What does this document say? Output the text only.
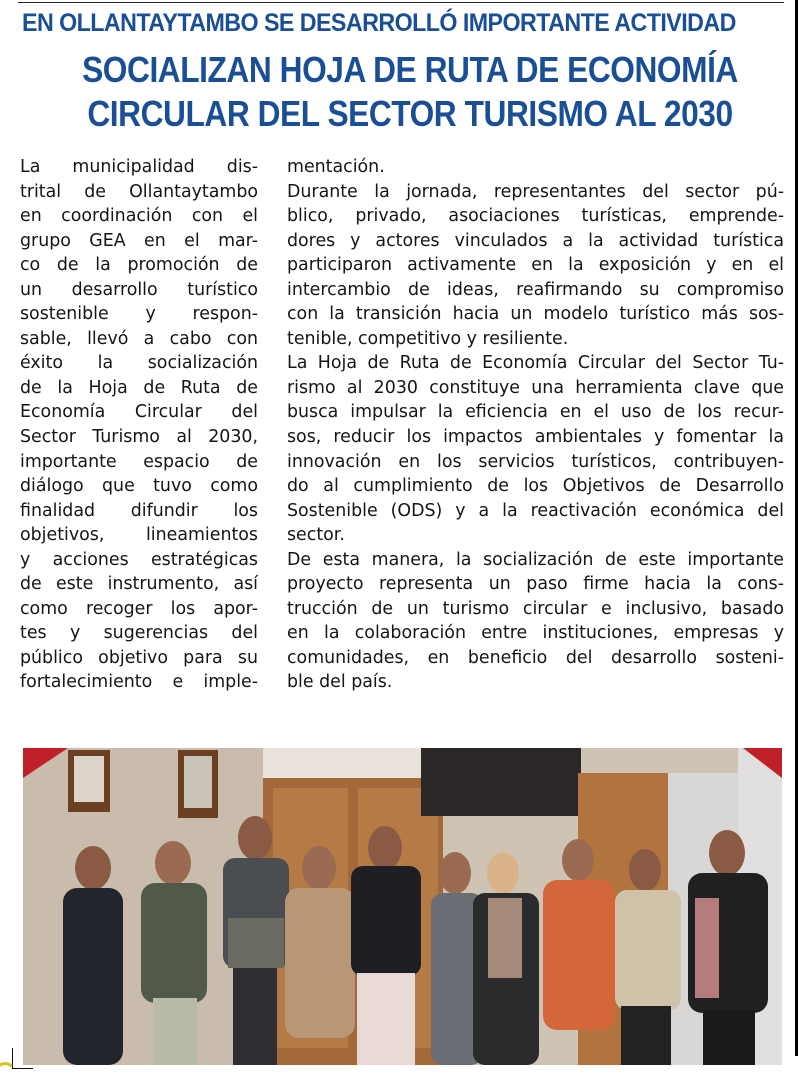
EN OLLANTAYTAMBO SE DESARROLLÓ IMPORTANTE ACTIVIDAD
SOCIALIZAN HOJA DE RUTA DE ECONOMÍA
CIRCULAR DEL SECTOR TURISMO AL 2030
La municipalidad dis-
trital de Ollantaytambo
en coordinación con el
grupo GEA en el mar-
co de la promoción de
un desarrollo turístico
sostenible y respon-
sable, llevó a cabo con
éxito la socialización
de la Hoja de Ruta de
Economía Circular del
Sector Turismo al 2030,
importante espacio de
diálogo que tuvo como
finalidad difundir los
objetivos, lineamientos
y acciones estratégicas
de este instrumento, así
como recoger los apor-
tes y sugerencias del
público objetivo para su
fortalecimiento e imple-
mentación.
Durante la jornada, representantes del sector pú-
blico, privado, asociaciones turísticas, emprende-
dores y actores vinculados a la actividad turística
participaron activamente en la exposición y en el
intercambio de ideas, reafirmando su compromiso
con la transición hacia un modelo turístico más sos-
tenible, competitivo y resiliente.
La Hoja de Ruta de Economía Circular del Sector Tu-
rismo al 2030 constituye una herramienta clave que
busca impulsar la eficiencia en el uso de los recur-
sos, reducir los impactos ambientales y fomentar la
innovación en los servicios turísticos, contribuyen-
do al cumplimiento de los Objetivos de Desarrollo
Sostenible (ODS) y a la reactivación económica del
sector.
De esta manera, la socialización de este importante
proyecto representa un paso firme hacia la cons-
trucción de un turismo circular e inclusivo, basado
en la colaboración entre instituciones, empresas y
comunidades, en beneficio del desarrollo sosteni-
ble del país.
